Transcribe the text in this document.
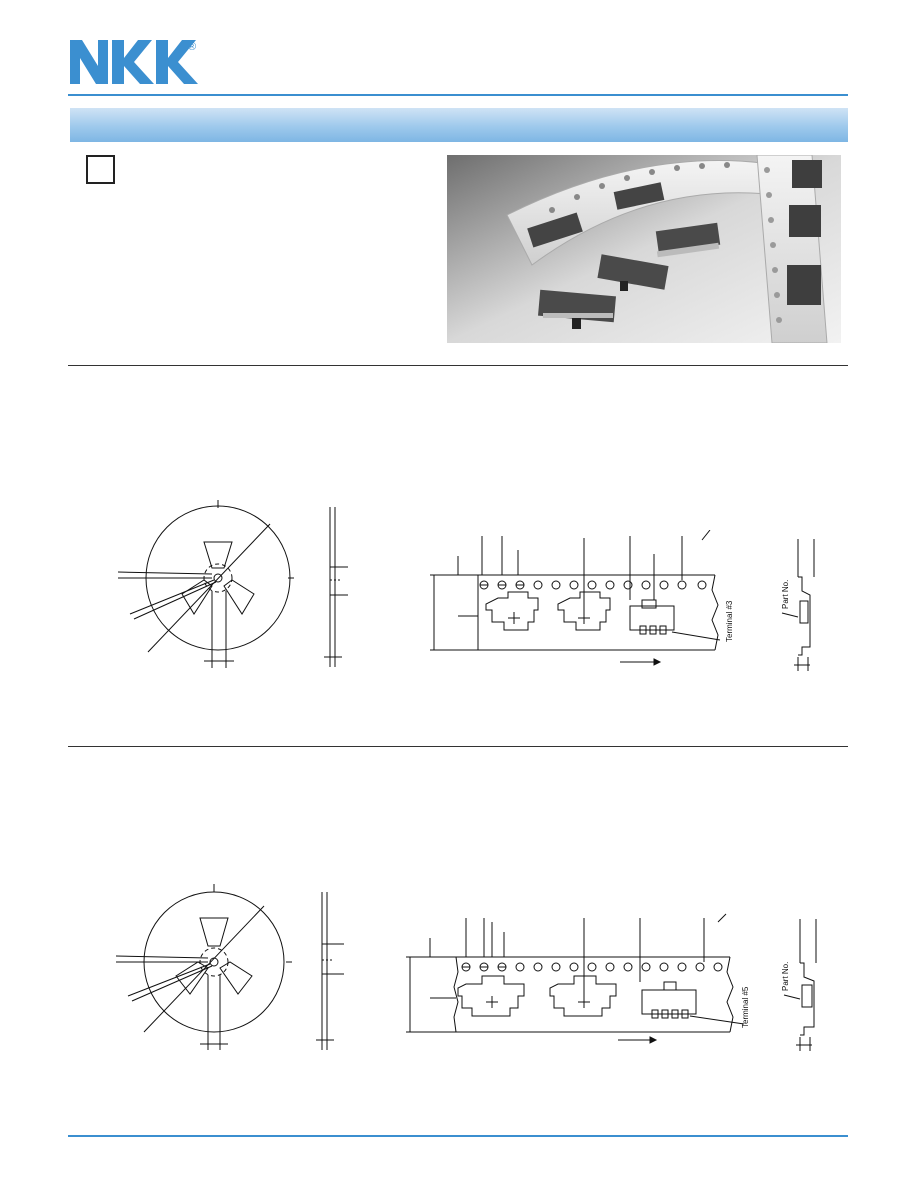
®
Terminal #3
Part No.
Terminal #5
Part No.
